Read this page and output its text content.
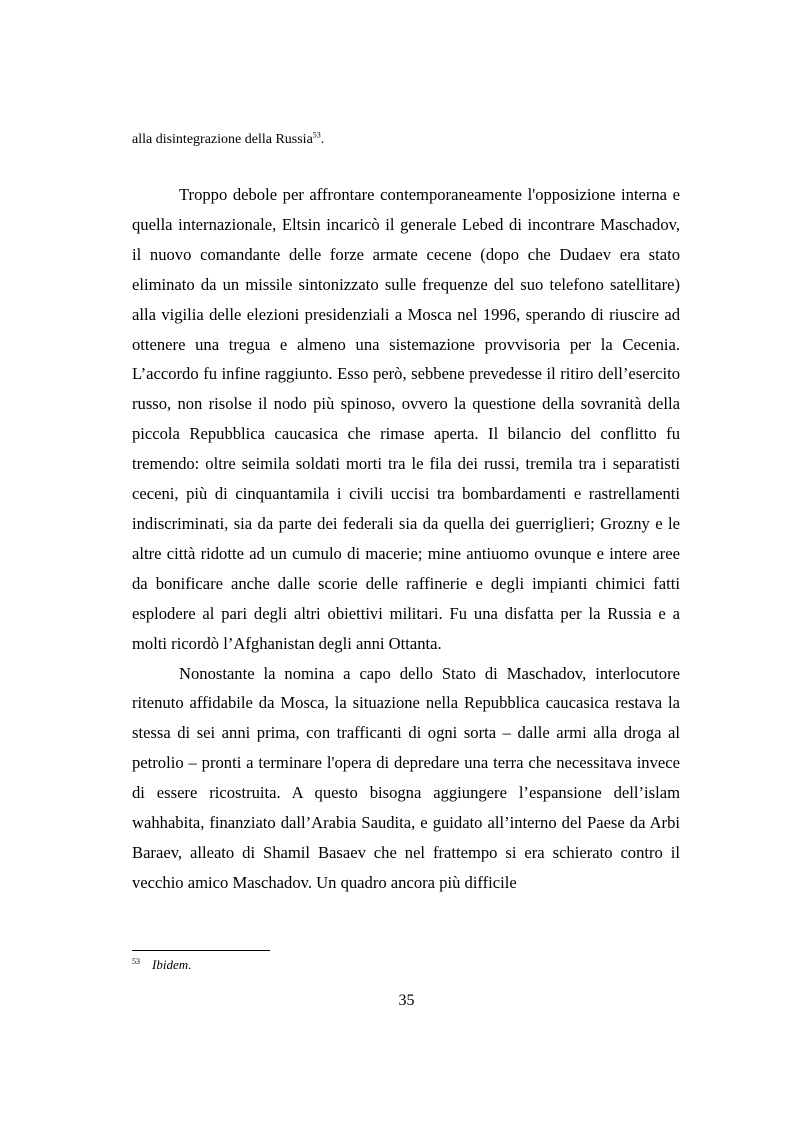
alla disintegrazione della Russia$^{53}$.

Troppo debole per affrontare contemporaneamente l'opposizione interna e quella internazionale, Eltsin incaricò il generale Lebed di incontrare Maschadov, il nuovo comandante delle forze armate cecene (dopo che Dudaev era stato eliminato da un missile sintonizzato sulle frequenze del suo telefono satellitare) alla vigilia delle elezioni presidenziali a Mosca nel 1996, sperando di riuscire ad ottenere una tregua e almeno una sistemazione provvisoria per la Cecenia. L’accordo fu infine raggiunto. Esso però, sebbene prevedesse il ritiro dell’esercito russo, non risolse il nodo più spinoso, ovvero la questione della sovranità della piccola Repubblica caucasica che rimase aperta. Il bilancio del conflitto fu tremendo: oltre seimila soldati morti tra le fila dei russi, tremila tra i separatisti ceceni, più di cinquantamila i civili uccisi tra bombardamenti e rastrellamenti indiscriminati, sia da parte dei federali sia da quella dei guerriglieri; Grozny e le altre città ridotte ad un cumulo di macerie; mine antiuomo ovunque e intere aree da bonificare anche dalle scorie delle raffinerie e degli impianti chimici fatti esplodere al pari degli altri obiettivi militari. Fu una disfatta per la Russia e a molti ricordò l’Afghanistan degli anni Ottanta.

Nonostante la nomina a capo dello Stato di Maschadov, interlocutore ritenuto affidabile da Mosca, la situazione nella Repubblica caucasica restava la stessa di sei anni prima, con trafficanti di ogni sorta – dalle armi alla droga al petrolio – pronti a terminare l'opera di depredare una terra che necessitava invece di essere ricostruita. A questo bisogna aggiungere l’espansione dell’islam wahhabita, finanziato dall’Arabia Saudita, e guidato all’interno del Paese da Arbi Baraev, alleato di Shamil Basaev che nel frattempo si era schierato contro il vecchio amico Maschadov. Un quadro ancora più difficile

53 Ibidem.
35
